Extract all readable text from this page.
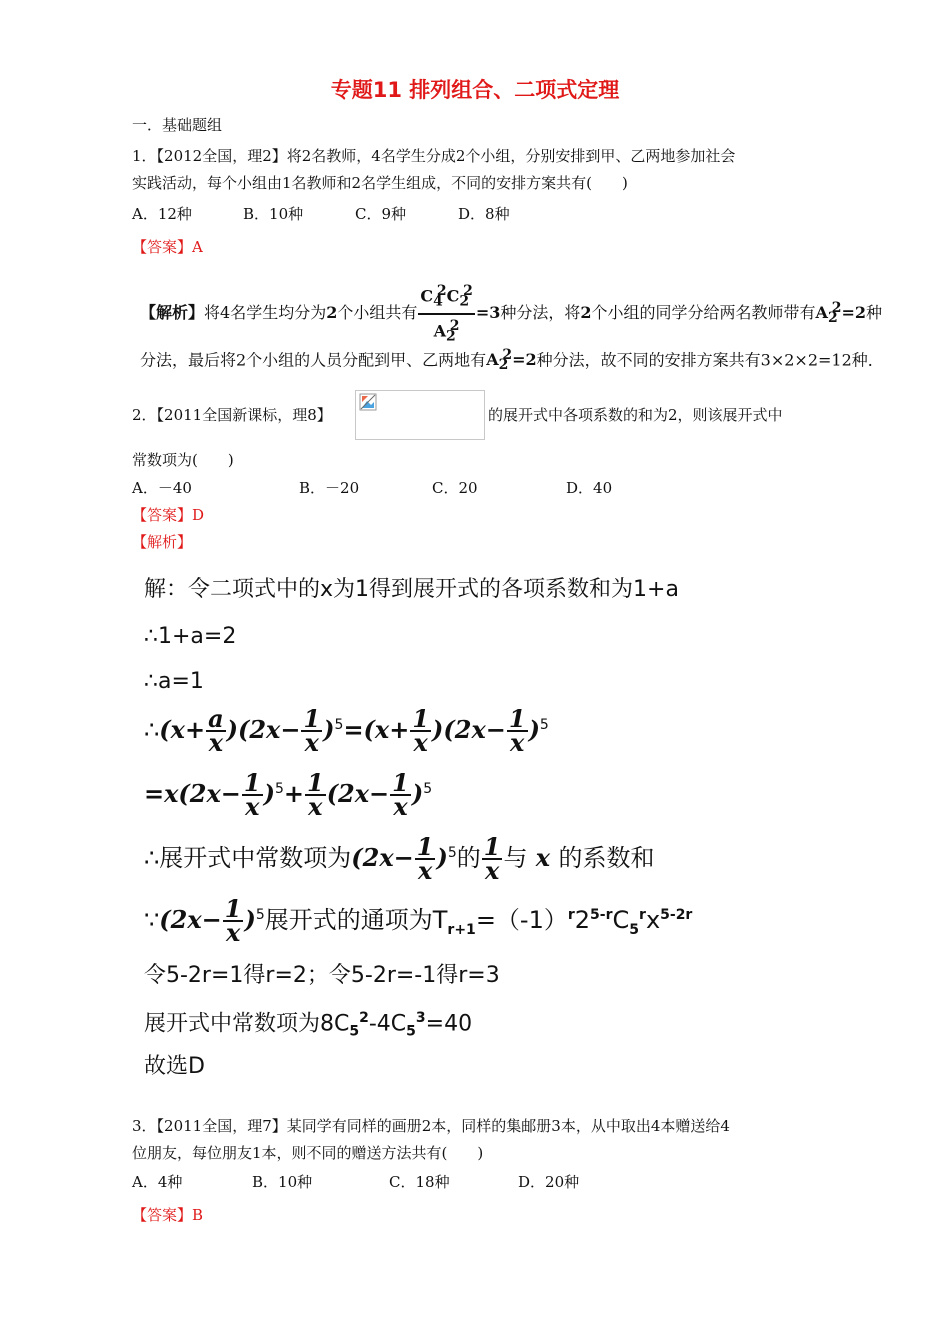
专题11 排列组合、二项式定理
一．基础题组
1．【2012全国，理2】将2名教师，4名学生分成2个小组，分别安排到甲、乙两地参加社会
实践活动，每个小组由1名教师和2名学生组成，不同的安排方案共有(　　)
A．12种	B．10种	C．9种	D．8种
【答案】A
【解析】将4名学生均分为2个小组共有 $\frac{C_4^2C_2^2}{A_2^2} =3$种分法，将2个小组的同学分给两名教师带有$A_2^2=2$种
分法，最后将2个小组的人员分配到甲、乙两地有$A_2^2=2$种分法，故不同的安排方案共有3×2×2=12种．
2．【2011全国新课标，理8】	的展开式中各项系数的和为2，则该展开式中
常数项为(　　)
A．－40	B．－20	C．20	D．40
【答案】D
【解析】
解：令二项式中的x为1得到展开式的各项系数和为1+a
∴1+a=2
∴a=1
∴(x+ $\frac{a}{x} )(2x- \frac{1}{x} )^5=(x+ \frac{1}{x} )(2x- \frac{1}{x} )^5$
$=x(2x- \frac{1}{x} )^5+ \frac{1}{x} (2x- \frac{1}{x} )^5$
∴展开式中常数项为$(2x- \frac{1}{x} )^5$的 $\frac{1}{x}$ 与 x 的系数和
∵(2x− $\frac{1}{x} )^5$展开式的通项为$T_{r+1}=(-1)^r2^{5-r}C_5^rx^{5-2r}$
令5-2r=1得r=2；令5-2r=-1得r=3
展开式中常数项为$8C_5^2-4C_5^3=40$
故选D
3．【2011全国，理7】某同学有同样的画册2本，同样的集邮册3本，从中取出4本赠送给4
位朋友，每位朋友1本，则不同的赠送方法共有(　　)
A．4种	B．10种	C．18种	D．20种
【答案】B
